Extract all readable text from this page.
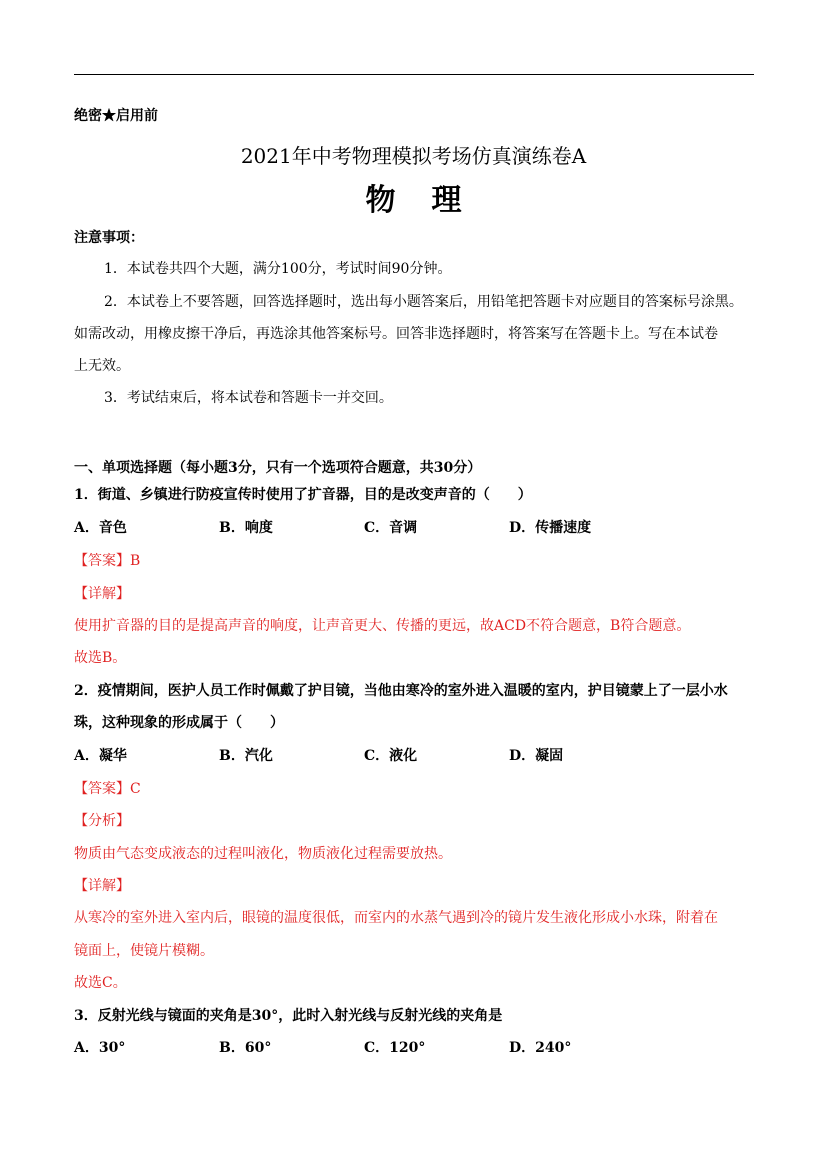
绝密★启用前
2021年中考物理模拟考场仿真演练卷A
物理
注意事项：
1．本试卷共四个大题，满分100分，考试时间90分钟。
2．本试卷上不要答题，回答选择题时，选出每小题答案后，用铅笔把答题卡对应题目的答案标号涂黑。
如需改动，用橡皮擦干净后，再选涂其他答案标号。回答非选择题时，将答案写在答题卡上。写在本试卷
上无效。
3．考试结束后，将本试卷和答题卡一并交回。
一、单项选择题（每小题3分，只有一个选项符合题意，共30分）
1．街道、乡镇进行防疫宣传时使用了扩音器，目的是改变声音的（　　）
A．音色	B．响度	C．音调	D．传播速度
【答案】B
【详解】
使用扩音器的目的是提高声音的响度，让声音更大、传播的更远，故ACD不符合题意，B符合题意。
故选B。
2．疫情期间，医护人员工作时佩戴了护目镜，当他由寒冷的室外进入温暖的室内，护目镜蒙上了一层小水
珠，这种现象的形成属于（　　）
A．凝华	B．汽化	C．液化	D．凝固
【答案】C
【分析】
物质由气态变成液态的过程叫液化，物质液化过程需要放热。
【详解】
从寒冷的室外进入室内后，眼镜的温度很低，而室内的水蒸气遇到冷的镜片发生液化形成小水珠，附着在
镜面上，使镜片模糊。
故选C。
3．反射光线与镜面的夹角是30°，此时入射光线与反射光线的夹角是
A．30°	B．60°	C．120°	D．240°
